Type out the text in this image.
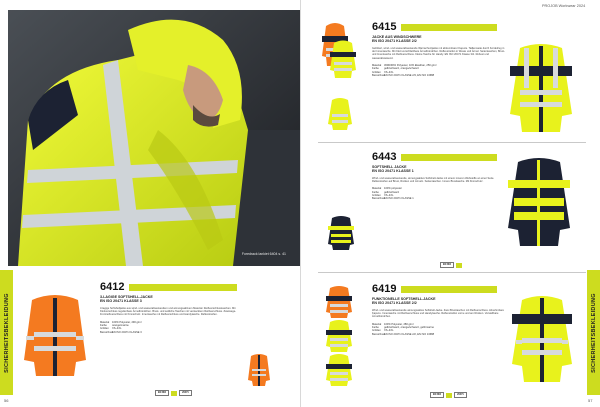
Foredrack lankiet 6404 s. 41
SICHERHEITSBEKLEIDUNG
6412
3-LAGIGE SOFTSHELL-JACKE
EN ISO 20471 KLASSE 3
3-lagige Softshelljacke aus wind- und wasserabweisendem und atmungsaktivem Material. Reißverschlusstaschen. Mit Klettverschluss regulierbare Ärmelbündchen. Brust- und seitliche Taschen mit verstecktem Reißverschluss. Zweiwege-Frontreißverschluss mit Kinnschutz. Innentasche mit Reißverschluss und Handytasche. Reflexstreifen.
Material	100% Polyester, 290 g/m²
Farbe	orange/marine
Größen	XS–4XL
Bezeichner EN ISO 20471 KLASSE 3
EN ISO	20471
56
PROJOB Workwear 2024
6415
JACKE AUS WINDSCHWERE
EN ISO 20471 KLASSE 2/2
Gefüttert, wind- und wasserabweisende Warnschutzjacke mit abtrennbarer Kapuze. Taillenweite durch Kordelzug in der Innentasche. Mit Klett verschließbare Ärmelbündchen. Reflexstreifen in Weste und Ärmel. Seitentaschen, Brust- und Innentasche mit Reißverschluss. Kleine Tasche für Handy. EN ISO 20471 Klasse 3/2. Robust und wasserabweisend.
Material	300D/90% Polyester, 10% Elasthan, 250 g/m²
Farbe	gelb/schwarz, orange/schwarz
Größen	XS–4XL
Bezeichner EN ISO 20471 KLASSE 2/3, EN ISO 13688
6443
SOFTSHELL JACKE
EN ISO 20471 KLASSE 1
Wind- und wasserabweisende, atmungsaktive Softshell-Jacke mit einem inneren Webstoffe an einer Seite. Reflexstreifen auf Brust, Rücken und Ärmeln. Seitentaschen. Innere Brusttasche. Mit Kinnschutz.
Material	100% polyester
Farbe	gelb/schwarz
Größen	XS–4XL
Bezeichner EN ISO 20471 KLASSE 1
EN ISO
6419
FUNKTIONELLE SOFTSHELL-JACKE
EN ISO 20471 KLASSE 2/2
Wind- und wasserabweisende atmungsaktive Softshell-Jacke. Zwei Brusttaschen mit Reißverschluss. Abnehmbare Kapuze. Innentasche mit Reißverschluss und Handytasche. Reflexstreifen vorne und am Rücken. Verstellbare Ärmelbündchen.
Material	100% Polyester, 280 g/m²
Farbe	gelb/schwarz, orange/schwarz, gelb/marine
Größen	XS–4XL
Bezeichner EN ISO 20471 KLASSE 2/2, EN ISO 13688
EN ISO	20471
SICHERHEITSBEKLEIDUNG
57
